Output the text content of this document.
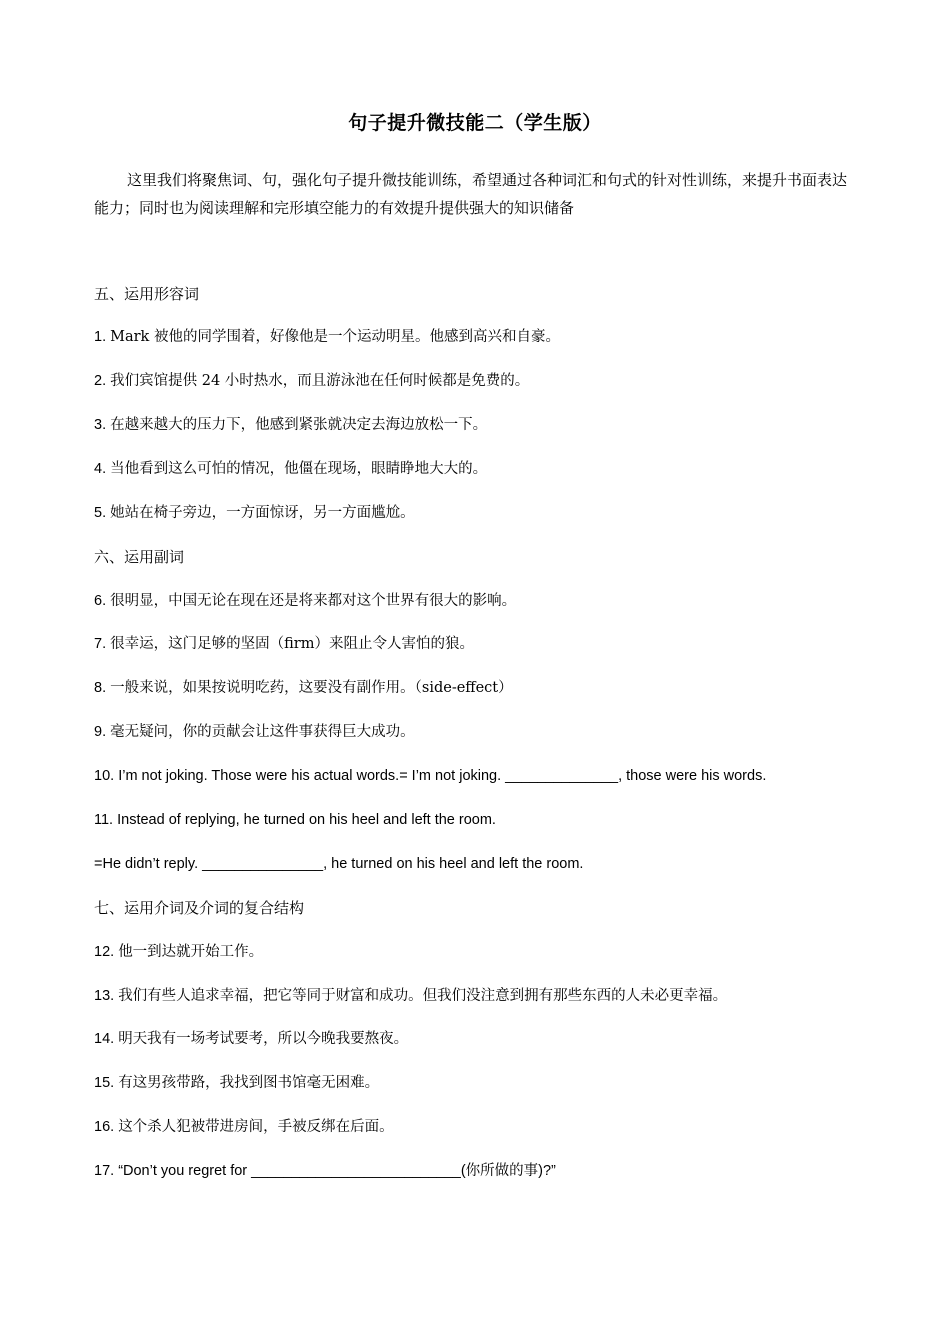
句子提升微技能二（学生版）
这里我们将聚焦词、句，强化句子提升微技能训练，希望通过各种词汇和句式的针对性训练，来提升书面表达能力；同时也为阅读理解和完形填空能力的有效提升提供强大的知识储备
五、运用形容词
1. Mark 被他的同学围着，好像他是一个运动明星。他感到高兴和自豪。
2. 我们宾馆提供 24 小时热水，而且游泳池在任何时候都是免费的。
3. 在越来越大的压力下，他感到紧张就决定去海边放松一下。
4. 当他看到这么可怕的情况，他僵在现场，眼睛睁地大大的。
5. 她站在椅子旁边，一方面惊讶，另一方面尴尬。
六、运用副词
6. 很明显，中国无论在现在还是将来都对这个世界有很大的影响。
7. 很幸运，这门足够的坚固（firm）来阻止令人害怕的狼。
8. 一般来说，如果按说明吃药，这要没有副作用。（side-effect）
9. 毫无疑问，你的贡献会让这件事获得巨大成功。
10. I’m not joking. Those were his actual words.= I’m not joking. ______________, those were his words.
11. Instead of replying, he turned on his heel and left the room.
=He didn’t reply. _______________, he turned on his heel and left the room.
七、运用介词及介词的复合结构
12. 他一到达就开始工作。
13. 我们有些人追求幸福，把它等同于财富和成功。但我们没注意到拥有那些东西的人未必更幸福。
14. 明天我有一场考试要考，所以今晚我要熬夜。
15. 有这男孩带路，我找到图书馆毫无困难。
16. 这个杀人犯被带进房间，手被反绑在后面。
17. “Don’t you regret for __________________________(你所做的事)?”
